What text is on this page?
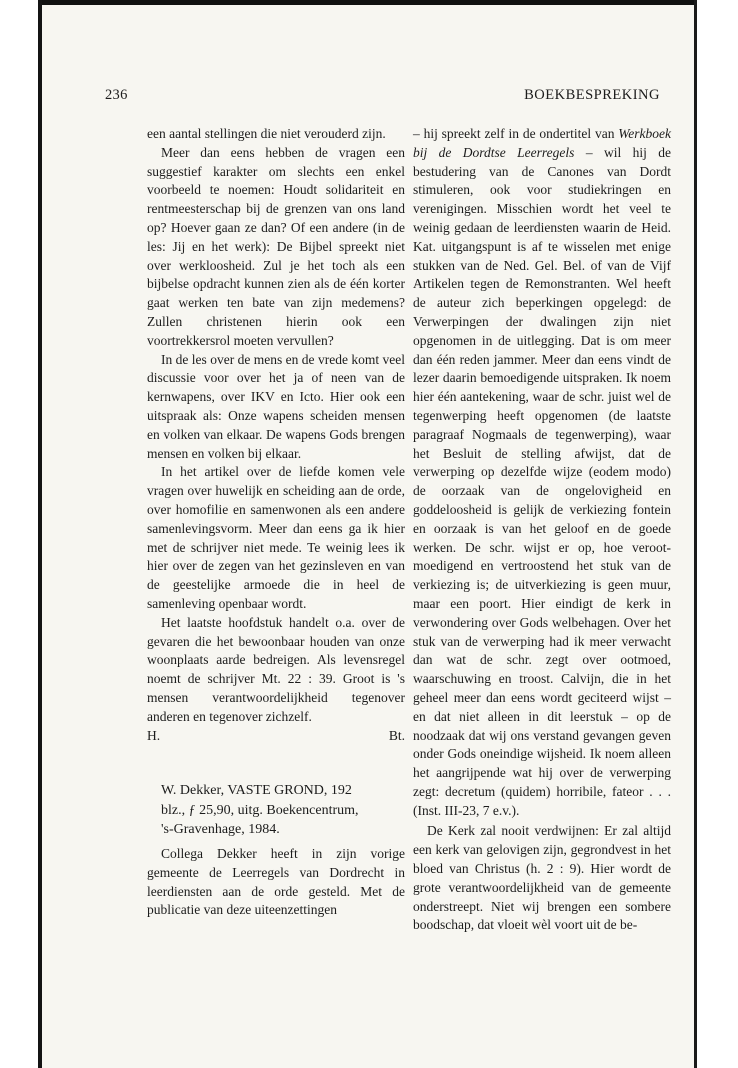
236	BOEKBESPREKING

een aantal stellingen die niet verouderd zijn.

Meer dan eens hebben de vragen een suggestief karakter om slechts een enkel voorbeeld te noemen: Houdt solidariteit en rentmeesterschap bij de grenzen van ons land op? Hoever gaan ze dan? Of een andere (in de les: Jij en het werk): De Bijbel spreekt niet over werkloosheid. Zul je het toch als een bijbelse opdracht kunnen zien als de één korter gaat werken ten bate van zijn medemens? Zullen christenen hierin ook een voortrekkersrol moeten vervullen?

In de les over de mens en de vrede komt veel discussie voor over het ja of neen van de kernwapens, over IKV en Icto. Hier ook een uitspraak als: Onze wapens scheiden mensen en volken van elkaar. De wapens Gods brengen mensen en volken bij elkaar.

In het artikel over de liefde komen vele vragen over huwelijk en scheiding aan de orde, over homofilie en samenwonen als een andere samenlevingsvorm. Meer dan eens ga ik hier met de schrijver niet mede. Te weinig lees ik hier over de zegen van het gezinsleven en van de geestelijke armoede die in heel de samenleving openbaar wordt.

Het laatste hoofdstuk handelt o.a. over de gevaren die het bewoonbaar houden van onze woonplaats aarde bedreigen. Als levensregel noemt de schrijver Mt. 22 : 39. Groot is 's mensen verantwoordelijkheid tegenover anderen en tegenover zichzelf.

H.	Bt.
W. Dekker, VASTE GROND, 192
blz., ƒ 25,90, uitg. Boekencentrum,
's-Gravenhage, 1984.

Collega Dekker heeft in zijn vorige gemeente de Leerregels van Dordrecht in leerdiensten aan de orde gesteld. Met de publicatie van deze uiteenzettingen

– hij spreekt zelf in de ondertitel van Werkboek bij de Dordtse Leerregels – wil hij de bestudering van de Canones van Dordt stimuleren, ook voor studiekringen en verenigingen. Misschien wordt het veel te weinig gedaan de leerdiensten waarin de Heid. Kat. uitgangspunt is af te wisselen met enige stukken van de Ned. Gel. Bel. of van de Vijf Artikelen tegen de Remonstranten. Wel heeft de auteur zich beperkingen opgelegd: de Verwerpingen der dwalingen zijn niet opgenomen in de uitlegging. Dat is om meer dan één reden jammer. Meer dan eens vindt de lezer daarin bemoedigende uitspraken. Ik noem hier één aantekening, waar de schr. juist wel de tegenwerping heeft opgenomen (de laatste paragraaf Nogmaals de tegenwerping), waar het Besluit de stelling afwijst, dat de verwerping op dezelfde wijze (eodem modo) de oorzaak van de ongelovigheid en goddeloosheid is gelijk de verkiezing fontein en oorzaak is van het geloof en de goede werken. De schr. wijst er op, hoe verootmoedigend en vertroostend het stuk van de verkiezing is; de uitverkiezing is geen muur, maar een poort. Hier eindigt de kerk in verwondering over Gods welbehagen. Over het stuk van de verwerping had ik meer verwacht dan wat de schr. zegt over ootmoed, waarschuwing en troost. Calvijn, die in het geheel meer dan eens wordt geciteerd wijst – en dat niet alleen in dit leerstuk – op de noodzaak dat wij ons verstand gevangen geven onder Gods oneindige wijsheid. Ik noem alleen het aangrijpende wat hij over de verwerping zegt: decretum (quidem) horribile, fateor . . . (Inst. III-23, 7 e.v.).

De Kerk zal nooit verdwijnen: Er zal altijd een kerk van gelovigen zijn, gegrondvest in het bloed van Christus (h. 2 : 9). Hier wordt de grote verantwoordelijkheid van de gemeente onderstreept. Niet wij brengen een sombere boodschap, dat vloeit wèl voort uit de be-
